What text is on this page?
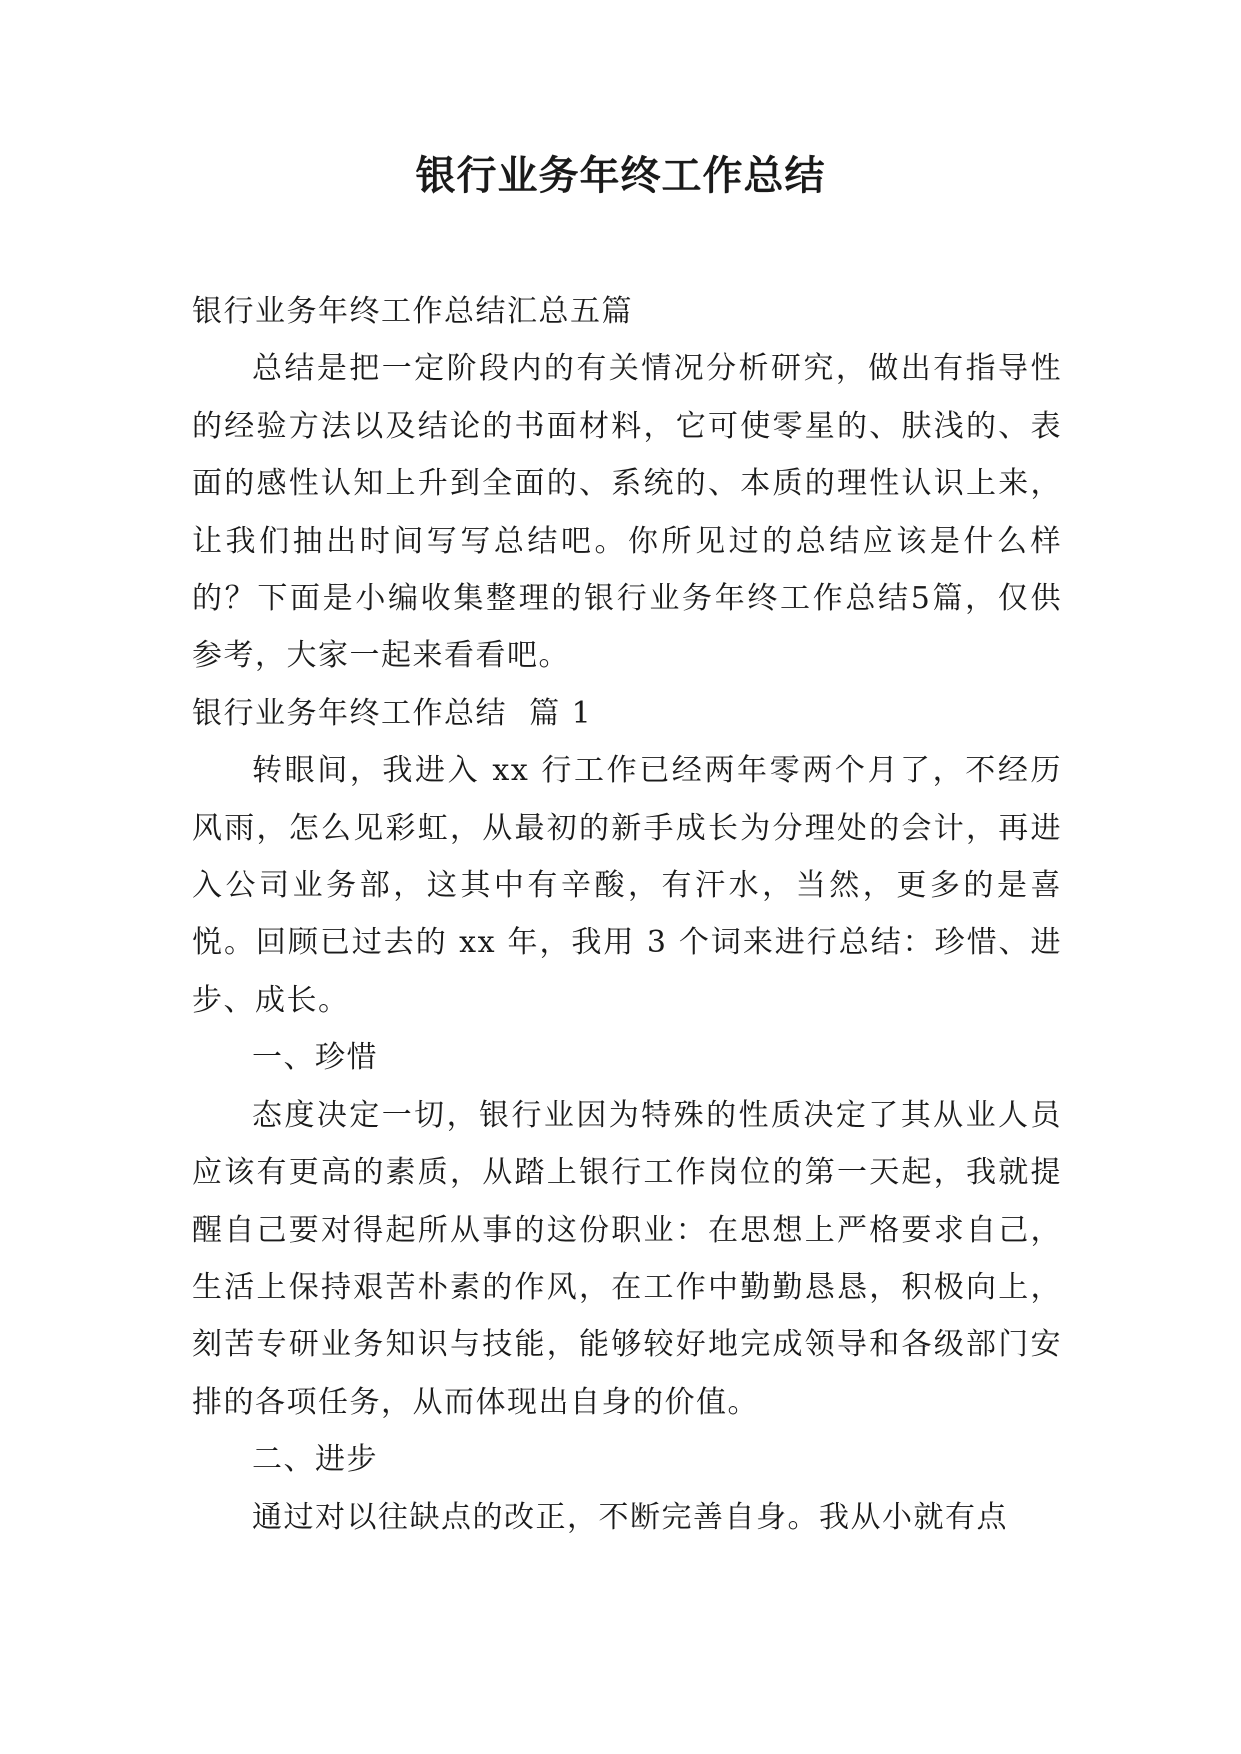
银行业务年终工作总结

银行业务年终工作总结汇总五篇

总结是把一定阶段内的有关情况分析研究，做出有指导性的经验方法以及结论的书面材料，它可使零星的、肤浅的、表面的感性认知上升到全面的、系统的、本质的理性认识上来，让我们抽出时间写写总结吧。你所见过的总结应该是什么样的？下面是小编收集整理的银行业务年终工作总结5篇，仅供参考，大家一起来看看吧。

银行业务年终工作总结  篇 1

转眼间，我进入 xx 行工作已经两年零两个月了，不经历风雨，怎么见彩虹，从最初的新手成长为分理处的会计，再进入公司业务部，这其中有辛酸，有汗水，当然，更多的是喜悦。回顾已过去的 xx 年，我用 3 个词来进行总结：珍惜、进步、成长。

一、珍惜

态度决定一切，银行业因为特殊的性质决定了其从业人员应该有更高的素质，从踏上银行工作岗位的第一天起，我就提醒自己要对得起所从事的这份职业：在思想上严格要求自己，生活上保持艰苦朴素的作风，在工作中勤勤恳恳，积极向上，刻苦专研业务知识与技能，能够较好地完成领导和各级部门安排的各项任务，从而体现出自身的价值。

二、进步

通过对以往缺点的改正，不断完善自身。我从小就有点
